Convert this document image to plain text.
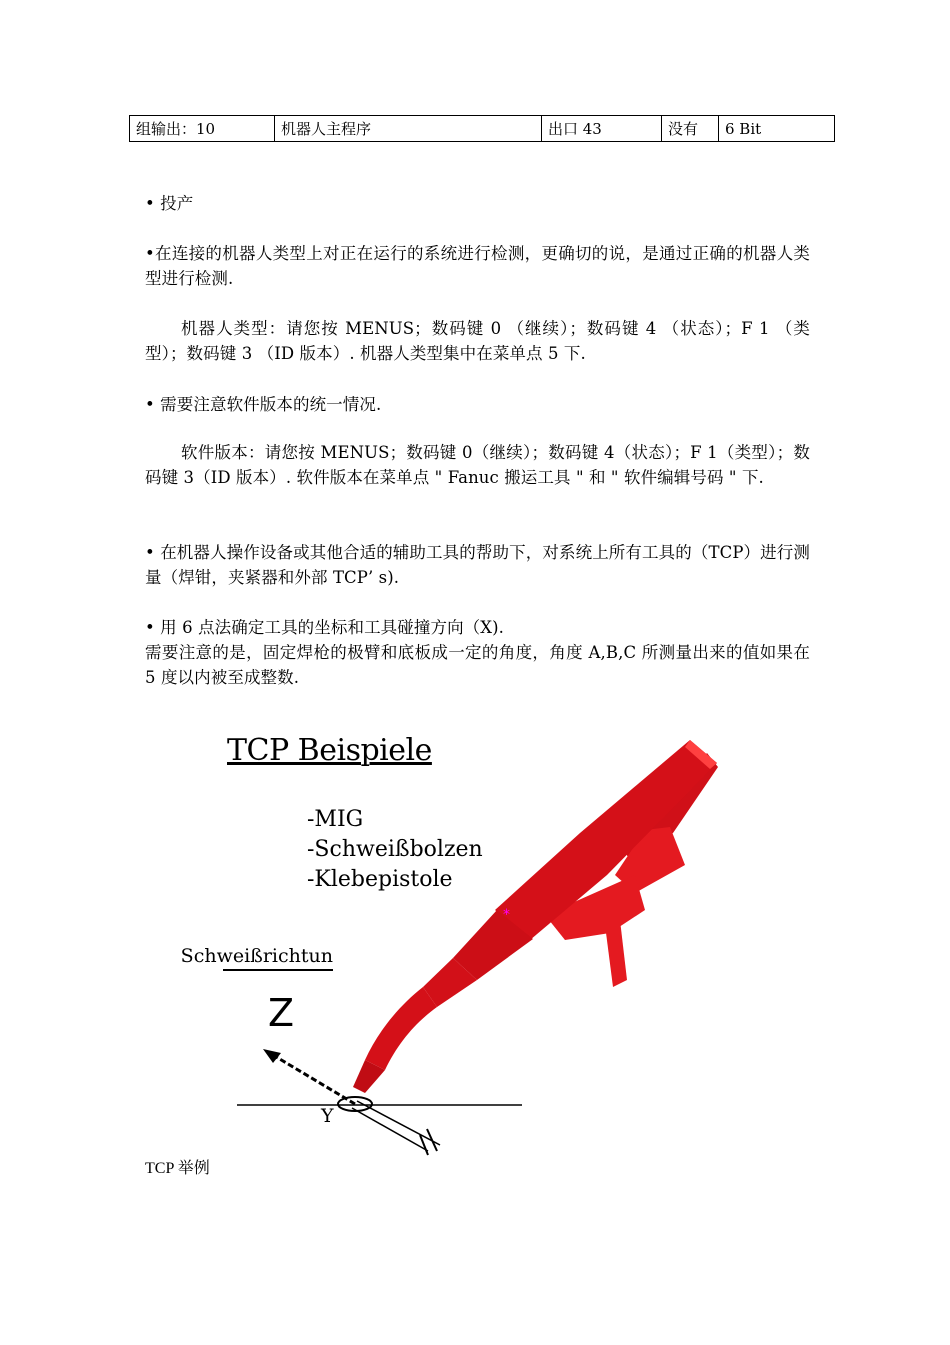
组输出：10	机器人主程序	出口 43	没有	6 Bit

• 投产

•在连接的机器人类型上对正在运行的系统进行检测，更确切的说，是通过正确的机器人类型进行检测.

机器人类型：请您按 MENUS；数码键 0 （继续）；数码键 4 （状态）；F 1 （类型）；数码键 3 （ID 版本）. 机器人类型集中在菜单点 5 下.

• 需要注意软件版本的统一情况.

软件版本：请您按 MENUS；数码键 0（继续）；数码键 4（状态）；F 1（类型）；数码键 3（ID 版本）. 软件版本在菜单点 " Fanuc 搬运工具 " 和 " 软件编辑号码 " 下.

• 在机器人操作设备或其他合适的辅助工具的帮助下，对系统上所有工具的（TCP）进行测量（焊钳，夹紧器和外部 TCP’ s).

• 用 6 点法确定工具的坐标和工具碰撞方向（X).

需要注意的是，固定焊枪的极臂和底板成一定的角度，角度 A,B,C 所测量出来的值如果在 5 度以内被至成整数.

*

TCP Beispiele

-MIG

-Schweißbolzen

-Klebepistole

Schweißrichtun

Z

Y

TCP 举例
